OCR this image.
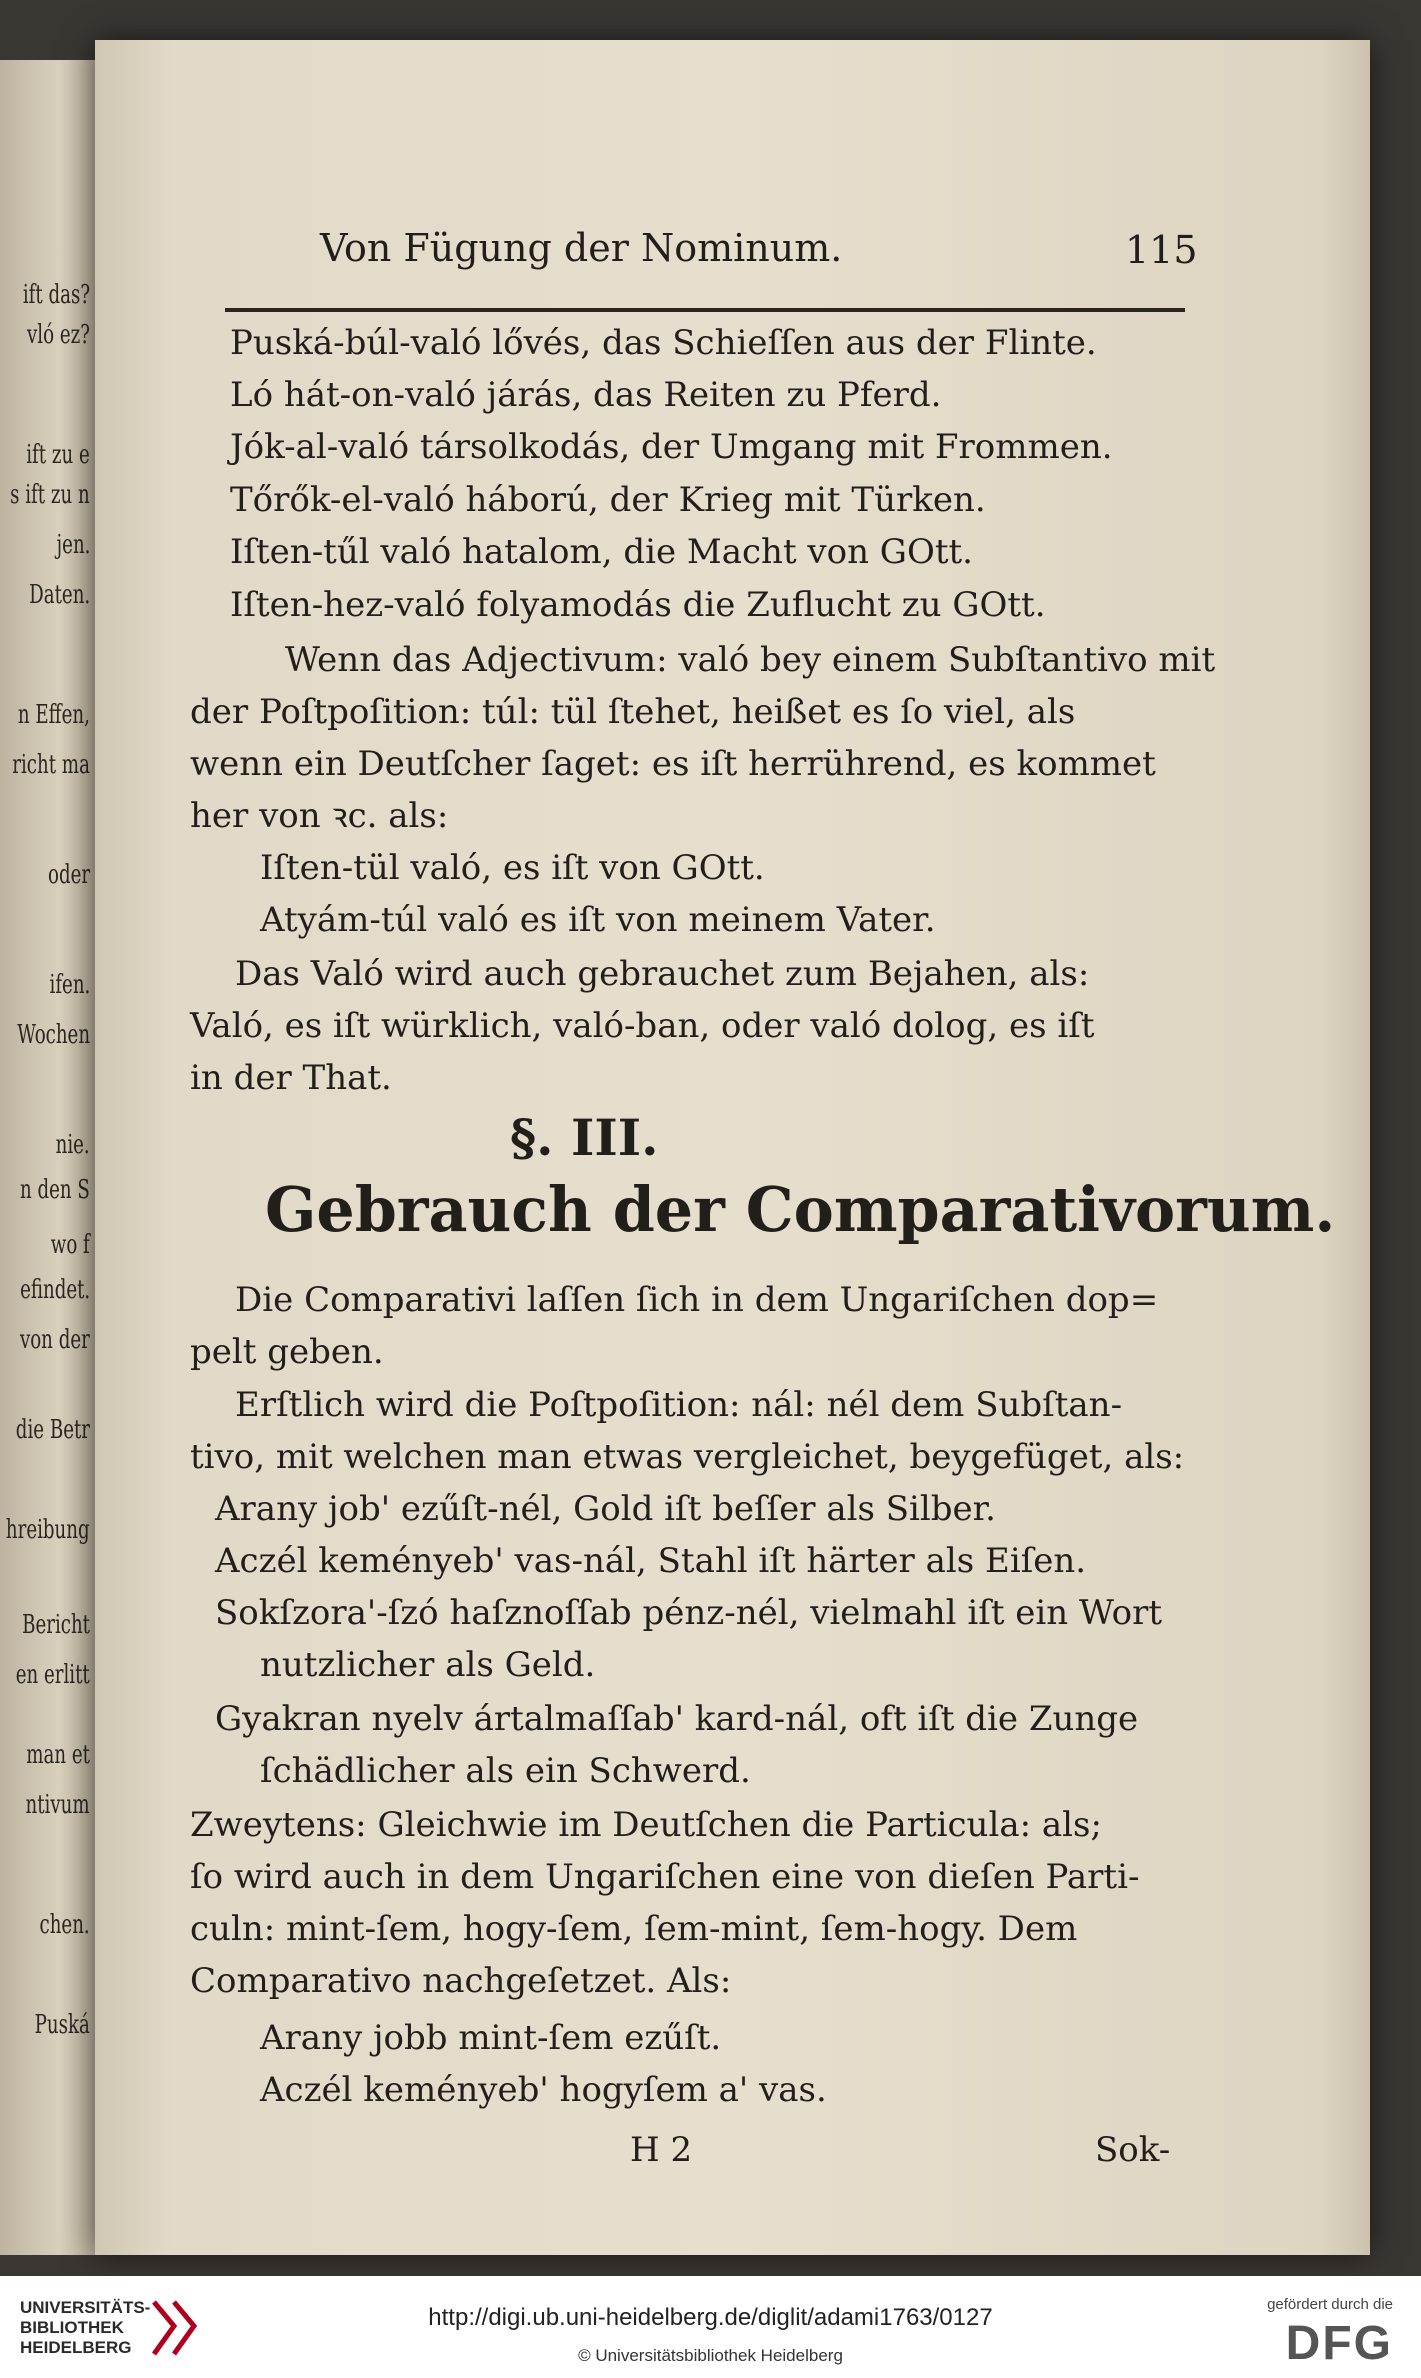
ift das?
vló ez?
ift zu e
s ift zu n
jen.
Daten.
n Effen,
richt ma
oder
ifen.
Wochen
nie.
n den S
wo f
efindet.
von der
die Betr
hreibung
Bericht
en erlitt
man et
ntivum
chen.
Puská
Von Fügung der Nominum.	115
Puská-búl-való lővés, das Schieſſen aus der Flinte.
Ló hát-on-való járás, das Reiten zu Pferd.
Jók-al-való társolkodás, der Umgang mit Frommen.
Tőrők-el-való háború, der Krieg mit Türken.
Iſten-tűl való hatalom, die Macht von GOtt.
Iſten-hez-való folyamodás die Zuflucht zu GOtt.
Wenn das Adjectivum: való bey einem Subſtantivo mit
der Poſtpoſition: túl: tül ſtehet, heißet es ſo viel, als
wenn ein Deutſcher ſaget: es iſt herrührend, es kommet
her von ꝛc. als:
Iſten-tül való, es iſt von GOtt.
Atyám-túl való es iſt von meinem Vater.
Das Való wird auch gebrauchet zum Bejahen, als:
Való, es iſt würklich, való-ban, oder való dolog, es iſt
in der That.
§. III.
Gebrauch der Comparativorum.
Die Comparativi laſſen ſich in dem Ungariſchen dop=
pelt geben.
Erſtlich wird die Poſtpoſition: nál: nél dem Subſtan-
tivo, mit welchen man etwas vergleichet, beygefüget, als:
Arany job' ezűſt-nél, Gold iſt beſſer als Silber.
Aczél keményeb' vas-nál, Stahl iſt härter als Eiſen.
Sokſzora'-ſzó haſznoſſab pénz-nél, vielmahl iſt ein Wort
nutzlicher als Geld.
Gyakran nyelv ártalmaſſab' kard-nál, oft iſt die Zunge
ſchädlicher als ein Schwerd.
Zweytens: Gleichwie im Deutſchen die Particula: als;
ſo wird auch in dem Ungariſchen eine von dieſen Parti-
culn: mint-ſem, hogy-ſem, ſem-mint, ſem-hogy. Dem
Comparativo nachgeſetzet. Als:
Arany jobb mint-ſem ezűſt.
Aczél keményeb' hogyſem a' vas.
H 2	Sok-
UNIVERSITÄTS-
BIBLIOTHEK
HEIDELBERG
http://digi.ub.uni-heidelberg.de/diglit/adami1763/0127
© Universitätsbibliothek Heidelberg
gefördert durch die
DFG
